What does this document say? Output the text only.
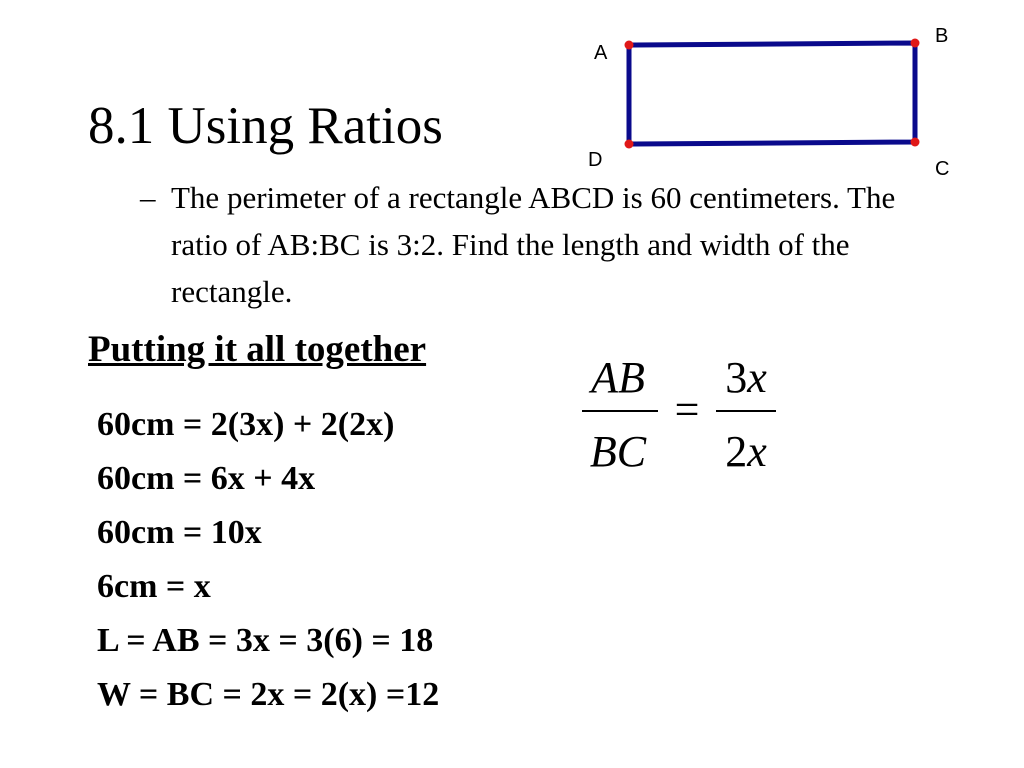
8.1 Using Ratios
A
B
C
D
– The perimeter of a rectangle ABCD is 60 centimeters. The ratio of AB:BC is 3:2. Find the length and width of the rectangle.
Putting it all together
AB
BC
=
3x
2x
60cm = 2(3x) + 2(2x)
60cm = 6x + 4x
60cm = 10x
6cm = x
L = AB = 3x = 3(6) = 18
W = BC = 2x = 2(x) =12
